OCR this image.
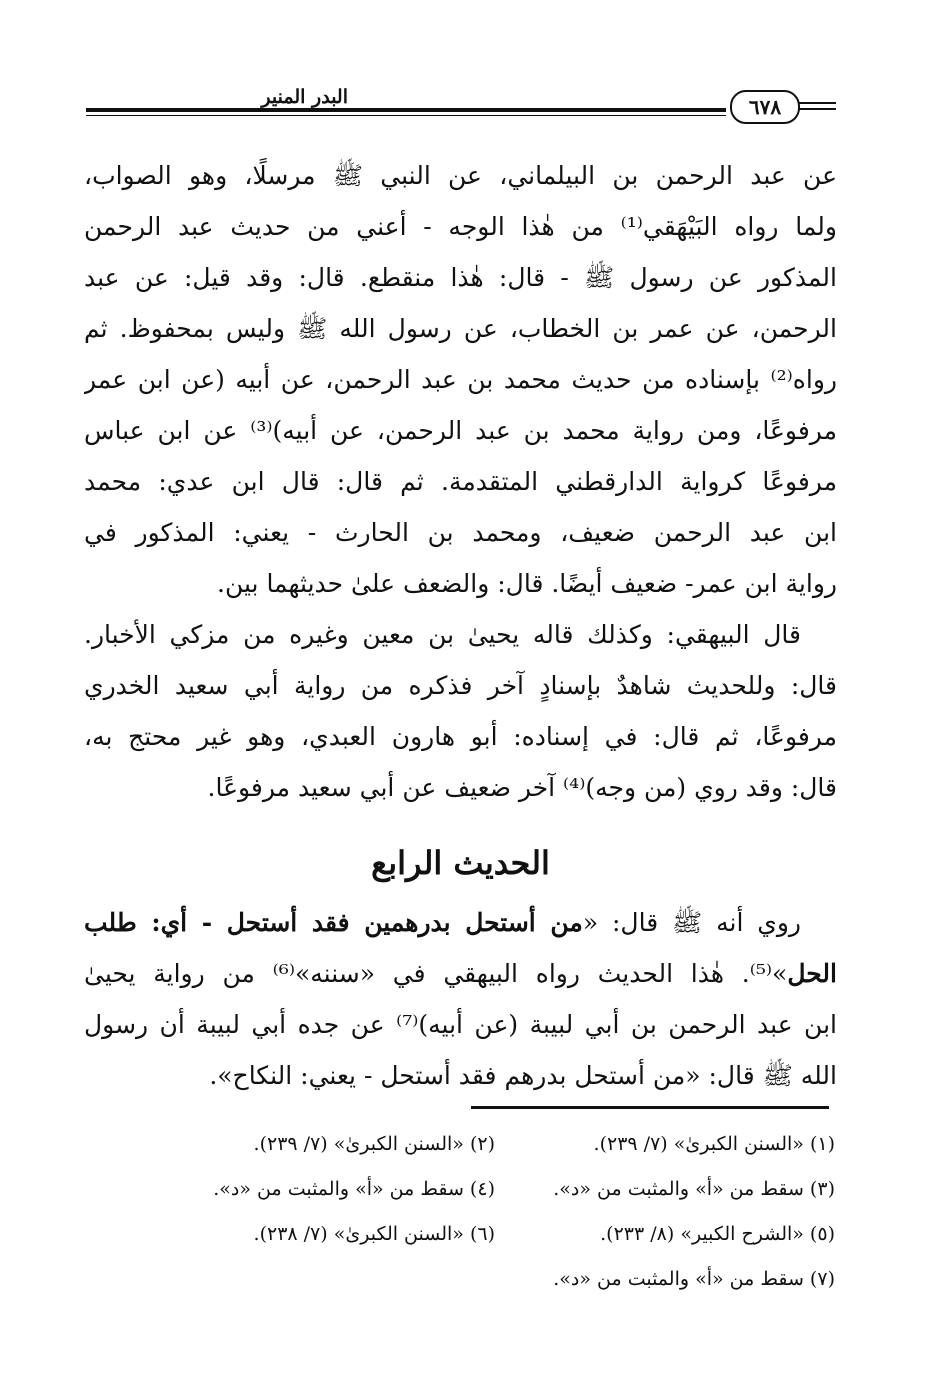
البدر المنير	٦٧٨
عن عبد الرحمن بن البيلماني، عن النبي ﷺ مرسلًا، وهو الصواب،
ولما رواه البَيْهَقي⁽¹⁾ من هٰذا الوجه - أعني من حديث عبد الرحمن
المذكور عن رسول ﷺ - قال: هٰذا منقطع. قال: وقد قيل: عن عبد
الرحمن، عن عمر بن الخطاب، عن رسول الله ﷺ وليس بمحفوظ. ثم
رواه⁽²⁾ بإسناده من حديث محمد بن عبد الرحمن، عن أبيه (عن ابن عمر
مرفوعًا، ومن رواية محمد بن عبد الرحمن، عن أبيه)⁽³⁾ عن ابن عباس
مرفوعًا كرواية الدارقطني المتقدمة. ثم قال: قال ابن عدي: محمد
ابن عبد الرحمن ضعيف، ومحمد بن الحارث - يعني: المذكور في
رواية ابن عمر- ضعيف أيضًا. قال: والضعف علىٰ حديثهما بين.
قال البيهقي: وكذلك قاله يحيىٰ بن معين وغيره من مزكي الأخبار.
قال: وللحديث شاهدٌ بإسنادٍ آخر فذكره من رواية أبي سعيد الخدري
مرفوعًا، ثم قال: في إسناده: أبو هارون العبدي، وهو غير محتج به،
قال: وقد روي (من وجه)⁽⁴⁾ آخر ضعيف عن أبي سعيد مرفوعًا.
الحديث الرابع
روي أنه ﷺ قال: «من أستحل بدرهمين فقد أستحل - أي: طلب
الحل»⁽⁵⁾. هٰذا الحديث رواه البيهقي في «سننه»⁽⁶⁾ من رواية يحيىٰ
ابن عبد الرحمن بن أبي لبيبة (عن أبيه)⁽⁷⁾ عن جده أبي لبيبة أن رسول
الله ﷺ قال: «من أستحل بدرهم فقد أستحل - يعني: النكاح».
(١) «السنن الكبرىٰ» (٧/ ٢٣٩).
(٢) «السنن الكبرىٰ» (٧/ ٢٣٩).
(٣) سقط من «أ» والمثبت من «د».
(٤) سقط من «أ» والمثبت من «د».
(٥) «الشرح الكبير» (٨/ ٢٣٣).
(٦) «السنن الكبرىٰ» (٧/ ٢٣٨).
(٧) سقط من «أ» والمثبت من «د».
